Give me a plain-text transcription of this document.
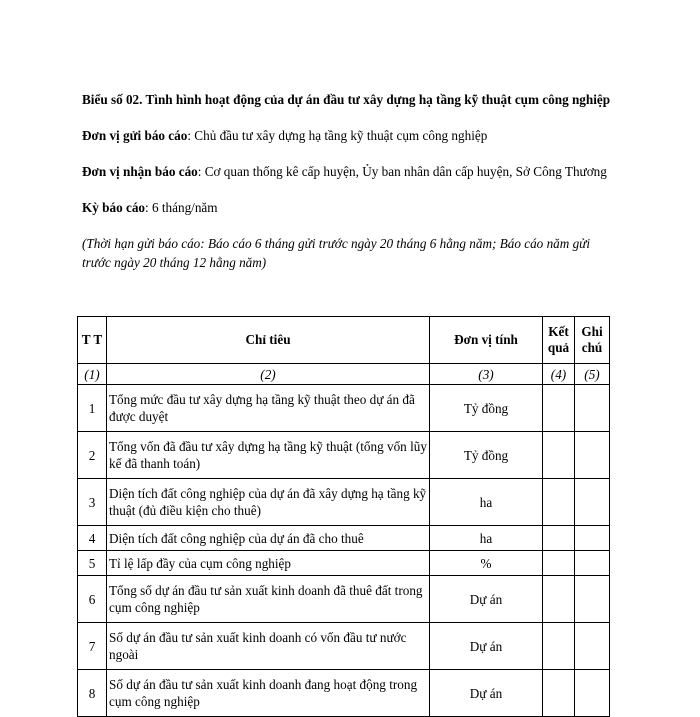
Biểu số 02. Tình hình hoạt động của dự án đầu tư xây dựng hạ tầng kỹ thuật cụm công nghiệp

Đơn vị gửi báo cáo: Chủ đầu tư xây dựng hạ tầng kỹ thuật cụm công nghiệp

Đơn vị nhận báo cáo: Cơ quan thống kê cấp huyện, Ủy ban nhân dân cấp huyện, Sở Công Thương

Kỳ báo cáo: 6 tháng/năm

(Thời hạn gửi báo cáo: Báo cáo 6 tháng gửi trước ngày 20 tháng 6 hằng năm; Báo cáo năm gửi trước ngày 20 tháng 12 hằng năm)

T T	Chỉ tiêu	Đơn vị tính	Kết quả	Ghi chú
(1)	(2)	(3)	(4)	(5)
1	Tổng mức đầu tư xây dựng hạ tầng kỹ thuật theo dự án đã được duyệt	Tỷ đồng		
2	Tổng vốn đã đầu tư xây dựng hạ tầng kỹ thuật (tổng vốn lũy kế đã thanh toán)	Tỷ đồng		
3	Diện tích đất công nghiệp của dự án đã xây dựng hạ tầng kỹ thuật (đủ điều kiện cho thuê)	ha		
4	Diện tích đất công nghiệp của dự án đã cho thuê	ha		
5	Tỉ lệ lấp đầy của cụm công nghiệp	%		
6	Tổng số dự án đầu tư sản xuất kinh doanh đã thuê đất trong cụm công nghiệp	Dự án		
7	Số dự án đầu tư sản xuất kinh doanh có vốn đầu tư nước ngoài	Dự án		
8	Số dự án đầu tư sản xuất kinh doanh đang hoạt động trong cụm công nghiệp	Dự án		
